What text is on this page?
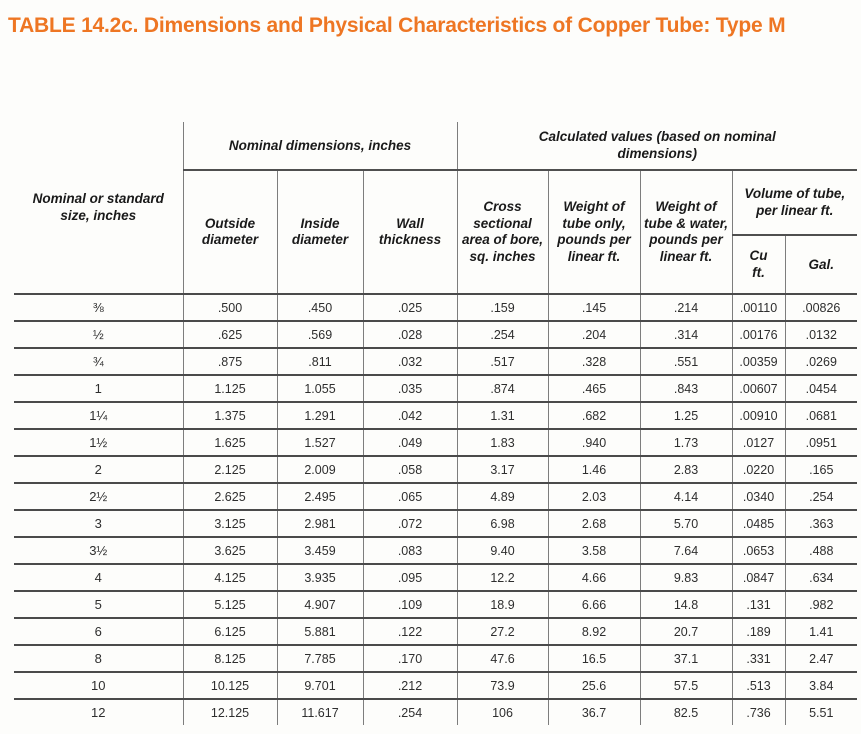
TABLE 14.2c. Dimensions and Physical Characteristics of Copper Tube: Type M
Nominal or standard size, inches	Nominal dimensions, inches			Calculated values (based on nominal dimensions)				
	Outside diameter	Inside diameter	Wall thickness	Cross sectional area of bore, sq. inches	Weight of tube only, pounds per linear ft.	Weight of tube & water, pounds per linear ft.	Volume of tube, per linear ft.	
							Cu ft.	Gal.
⅜	.500	.450	.025	.159	.145	.214	.00110	.00826
½	.625	.569	.028	.254	.204	.314	.00176	.0132
¾	.875	.811	.032	.517	.328	.551	.00359	.0269
1	1.125	1.055	.035	.874	.465	.843	.00607	.0454
1¼	1.375	1.291	.042	1.31	.682	1.25	.00910	.0681
1½	1.625	1.527	.049	1.83	.940	1.73	.0127	.0951
2	2.125	2.009	.058	3.17	1.46	2.83	.0220	.165
2½	2.625	2.495	.065	4.89	2.03	4.14	.0340	.254
3	3.125	2.981	.072	6.98	2.68	5.70	.0485	.363
3½	3.625	3.459	.083	9.40	3.58	7.64	.0653	.488
4	4.125	3.935	.095	12.2	4.66	9.83	.0847	.634
5	5.125	4.907	.109	18.9	6.66	14.8	.131	.982
6	6.125	5.881	.122	27.2	8.92	20.7	.189	1.41
8	8.125	7.785	.170	47.6	16.5	37.1	.331	2.47
10	10.125	9.701	.212	73.9	25.6	57.5	.513	3.84
12	12.125	11.617	.254	106	36.7	82.5	.736	5.51
